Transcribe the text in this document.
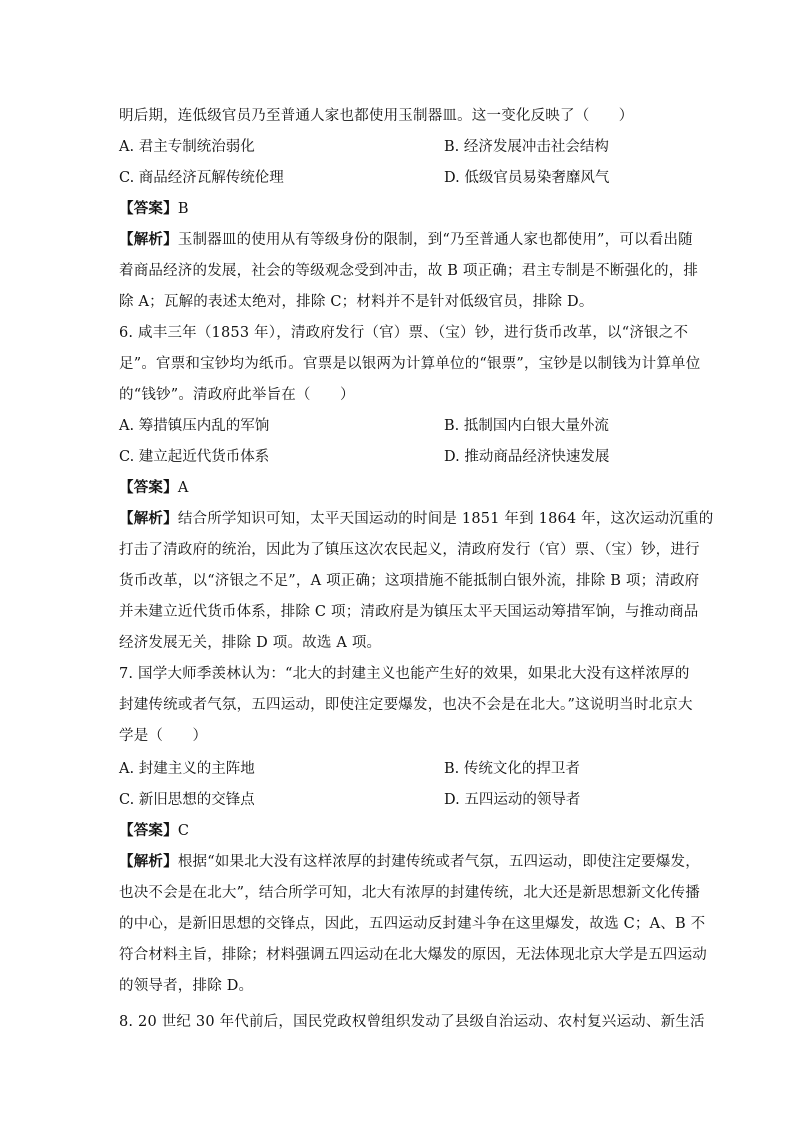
明后期，连低级官员乃至普通人家也都使用玉制器皿。这一变化反映了（　　）
A. 君主专制统治弱化	B. 经济发展冲击社会结构
C. 商品经济瓦解传统伦理	D. 低级官员易染奢靡风气
【答案】B
【解析】玉制器皿的使用从有等级身份的限制，到“乃至普通人家也都使用”，可以看出随
着商品经济的发展，社会的等级观念受到冲击，故 B 项正确；君主专制是不断强化的，排
除 A；瓦解的表述太绝对，排除 C；材料并不是针对低级官员，排除 D。
6. 咸丰三年（1853 年），清政府发行（官）票、（宝）钞，进行货币改革，以“济银之不
足”。官票和宝钞均为纸币。官票是以银两为计算单位的“银票”，宝钞是以制钱为计算单位
的“钱钞”。清政府此举旨在（　　）
A. 筹措镇压内乱的军饷	B. 抵制国内白银大量外流
C. 建立起近代货币体系	D. 推动商品经济快速发展
【答案】A
【解析】结合所学知识可知，太平天国运动的时间是 1851 年到 1864 年，这次运动沉重的
打击了清政府的统治，因此为了镇压这次农民起义，清政府发行（官）票、（宝）钞，进行
货币改革，以“济银之不足”，A 项正确；这项措施不能抵制白银外流，排除 B 项；清政府
并未建立近代货币体系，排除 C 项；清政府是为镇压太平天国运动筹措军饷，与推动商品
经济发展无关，排除 D 项。故选 A 项。
7. 国学大师季羡林认为：“北大的封建主义也能产生好的效果，如果北大没有这样浓厚的
封建传统或者气氛，五四运动，即使注定要爆发，也决不会是在北大。”这说明当时北京大
学是（　　）
A. 封建主义的主阵地	B. 传统文化的捍卫者
C. 新旧思想的交锋点	D. 五四运动的领导者
【答案】C
【解析】根据“如果北大没有这样浓厚的封建传统或者气氛，五四运动，即使注定要爆发，
也决不会是在北大”，结合所学可知，北大有浓厚的封建传统，北大还是新思想新文化传播
的中心，是新旧思想的交锋点，因此，五四运动反封建斗争在这里爆发，故选 C；A、B 不
符合材料主旨，排除；材料强调五四运动在北大爆发的原因，无法体现北京大学是五四运动
的领导者，排除 D。
8. 20 世纪 30 年代前后，国民党政权曾组织发动了县级自治运动、农村复兴运动、新生活
